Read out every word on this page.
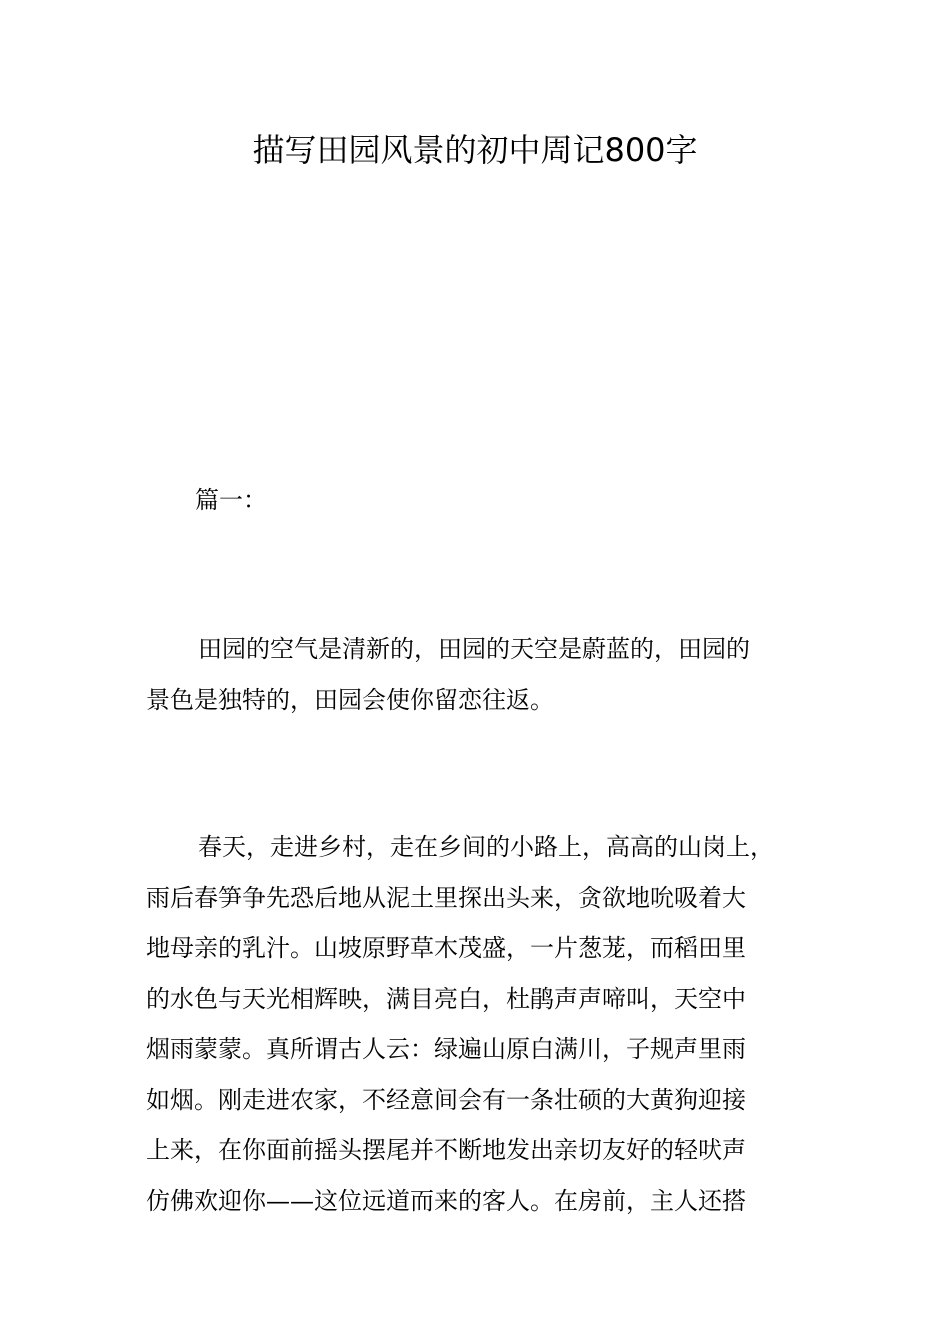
描写田园风景的初中周记800字
篇一：
田园的空气是清新的，田园的天空是蔚蓝的，田园的
景色是独特的，田园会使你留恋往返。
春天，走进乡村，走在乡间的小路上，高高的山岗上，
雨后春笋争先恐后地从泥土里探出头来，贪欲地吮吸着大
地母亲的乳汁。山坡原野草木茂盛，一片葱茏，而稻田里
的水色与天光相辉映，满目亮白，杜鹃声声啼叫，天空中
烟雨蒙蒙。真所谓古人云：绿遍山原白满川，子规声里雨
如烟。刚走进农家，不经意间会有一条壮硕的大黄狗迎接
上来，在你面前摇头摆尾并不断地发出亲切友好的轻吠声
仿佛欢迎你——这位远道而来的客人。在房前，主人还搭
